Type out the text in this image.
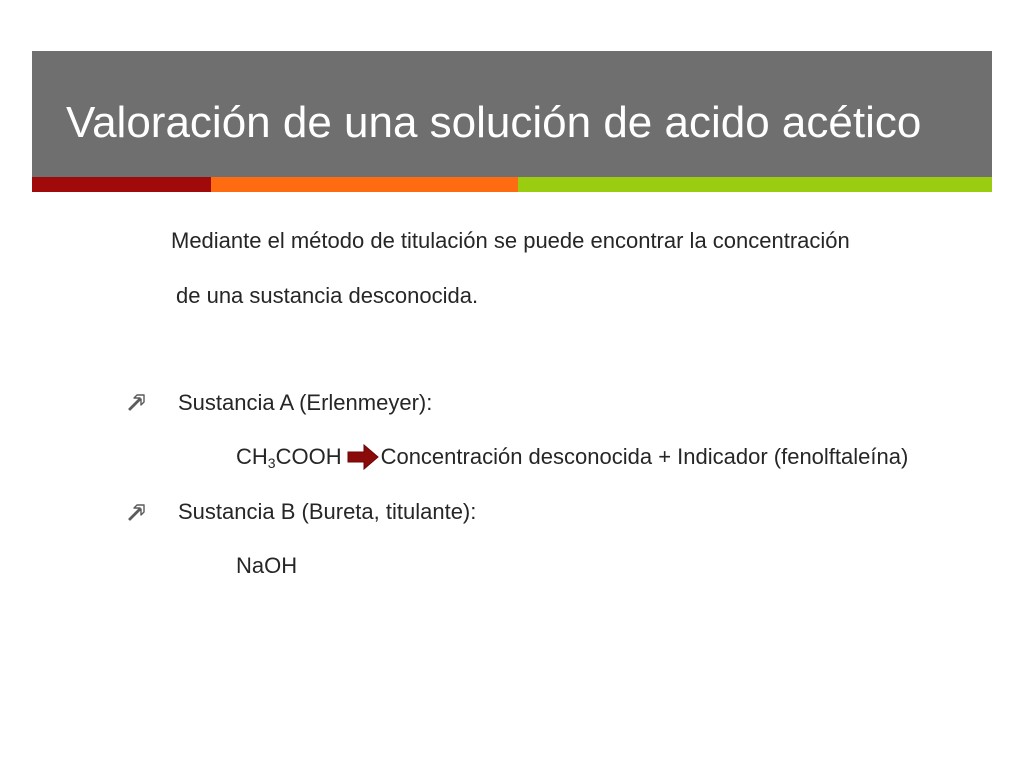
Valoración de una solución de acido acético
Mediante el método de titulación se puede encontrar la concentración
de una sustancia desconocida.
Sustancia A (Erlenmeyer):
$CH_3$ COOH Concentración desconocida + Indicador (fenolftaleína)
Sustancia B (Bureta, titulante):
NaOH
